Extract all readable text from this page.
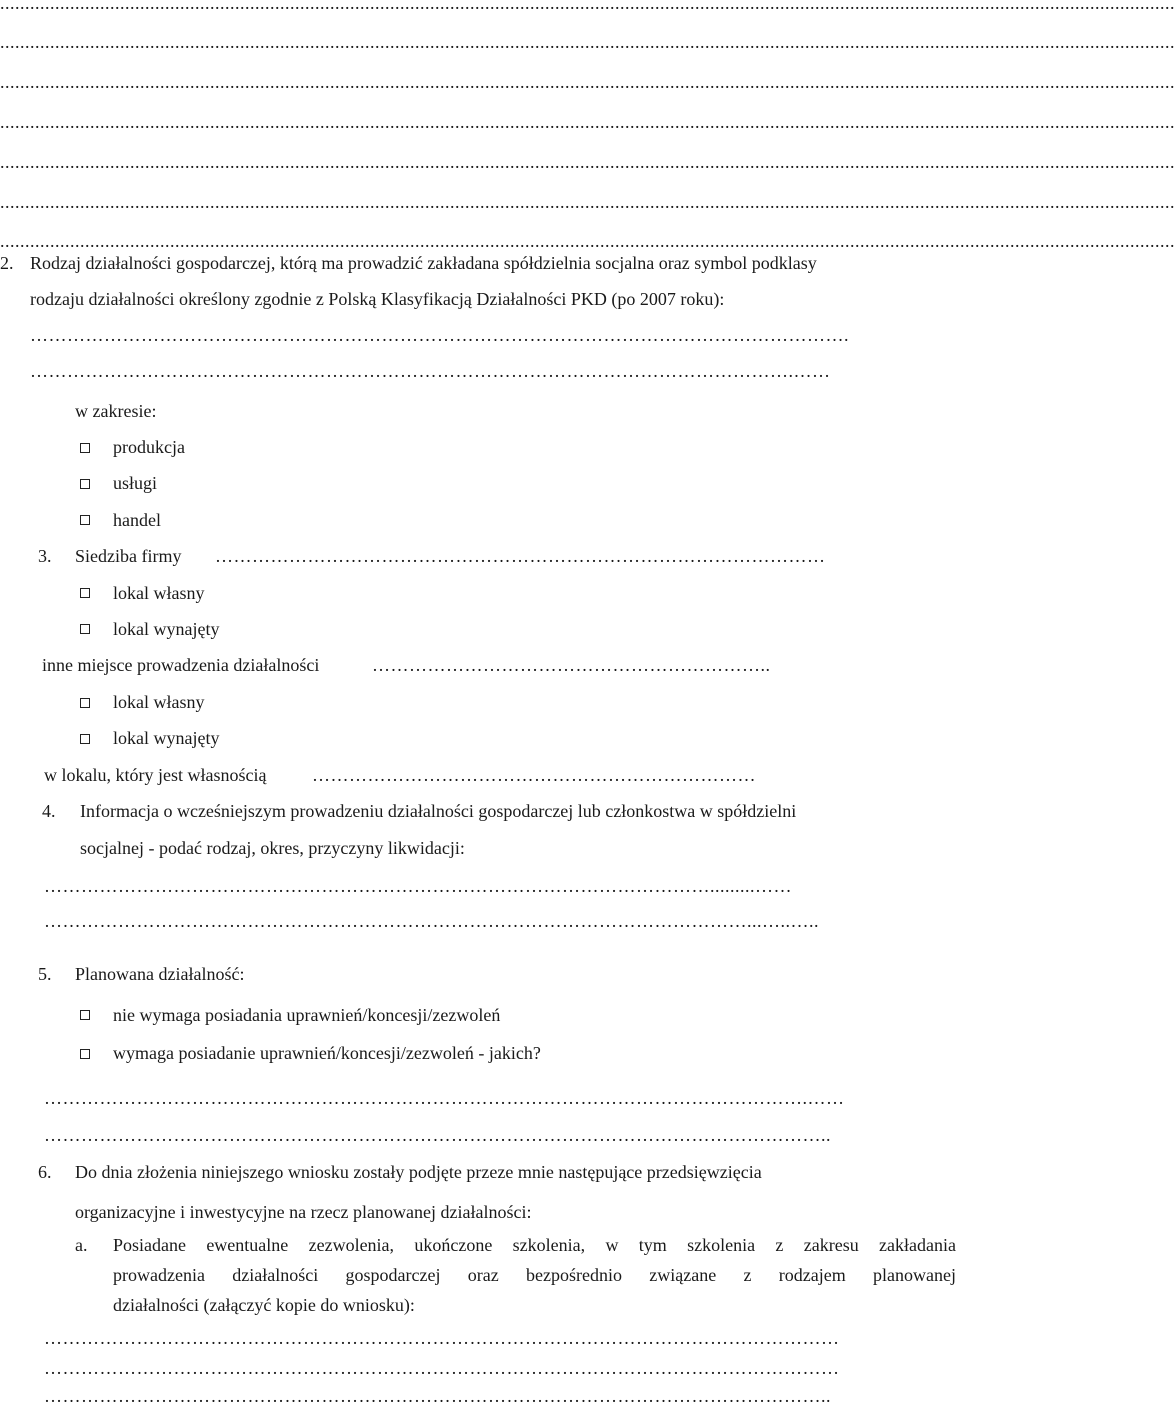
...........................................................................................................................................................................................................................................
...........................................................................................................................................................................................................................................
...........................................................................................................................................................................................................................................
...........................................................................................................................................................................................................................................
...........................................................................................................................................................................................................................................
...........................................................................................................................................................................................................................................
...........................................................................................................................................................................................................................................
2. Rodzaj działalności gospodarczej, którą ma prowadzić zakładana spółdzielnia socjalna oraz symbol podklasy
rodzaju działalności określony zgodnie z Polską Klasyfikacją Działalności PKD (po 2007 roku):
…………………………………………………………………………………………………………………….
…………………………………………………………………………………………………………….……
w zakresie:
produkcja
usługi
handel
3. Siedziba firmy ………………………………………………………………………………………
lokal własny
lokal wynajęty
inne miejsce prowadzenia działalności	………………………………………………………..
lokal własny
lokal wynajęty
w lokalu, który jest własnością	………………………………………………………………
4. Informacja o wcześniejszym prowadzeniu działalności gospodarczej lub członkostwa w spółdzielni
socjalnej - podać rodzaj, okres, przyczyny likwidacji:
……………………………………………………………………………………………….........……
……………………………………………………………………………………………………...…..…..
5. Planowana działalność:
nie wymaga posiadania uprawnień/koncesji/zezwoleń
wymaga posiadanie uprawnień/koncesji/zezwoleń - jakich?
…………………………………………………………………………………………………………….……
………………………………………………………………………………………………………………..
6. Do dnia złożenia niniejszego wniosku zostały podjęte przeze mnie następujące przedsięwzięcia
organizacyjne i inwestycyjne na rzecz planowanej działalności:
a. Posiadane ewentualne zezwolenia, ukończone szkolenia, w tym szkolenia z zakresu zakładania
prowadzenia działalności gospodarczej oraz bezpośrednio związane z rodzajem planowanej
działalności (załączyć kopie do wniosku):
…………………………………………………………………………………………………………………
…………………………………………………………………………………………………………………
………………………………………………………………………………………………………………..
